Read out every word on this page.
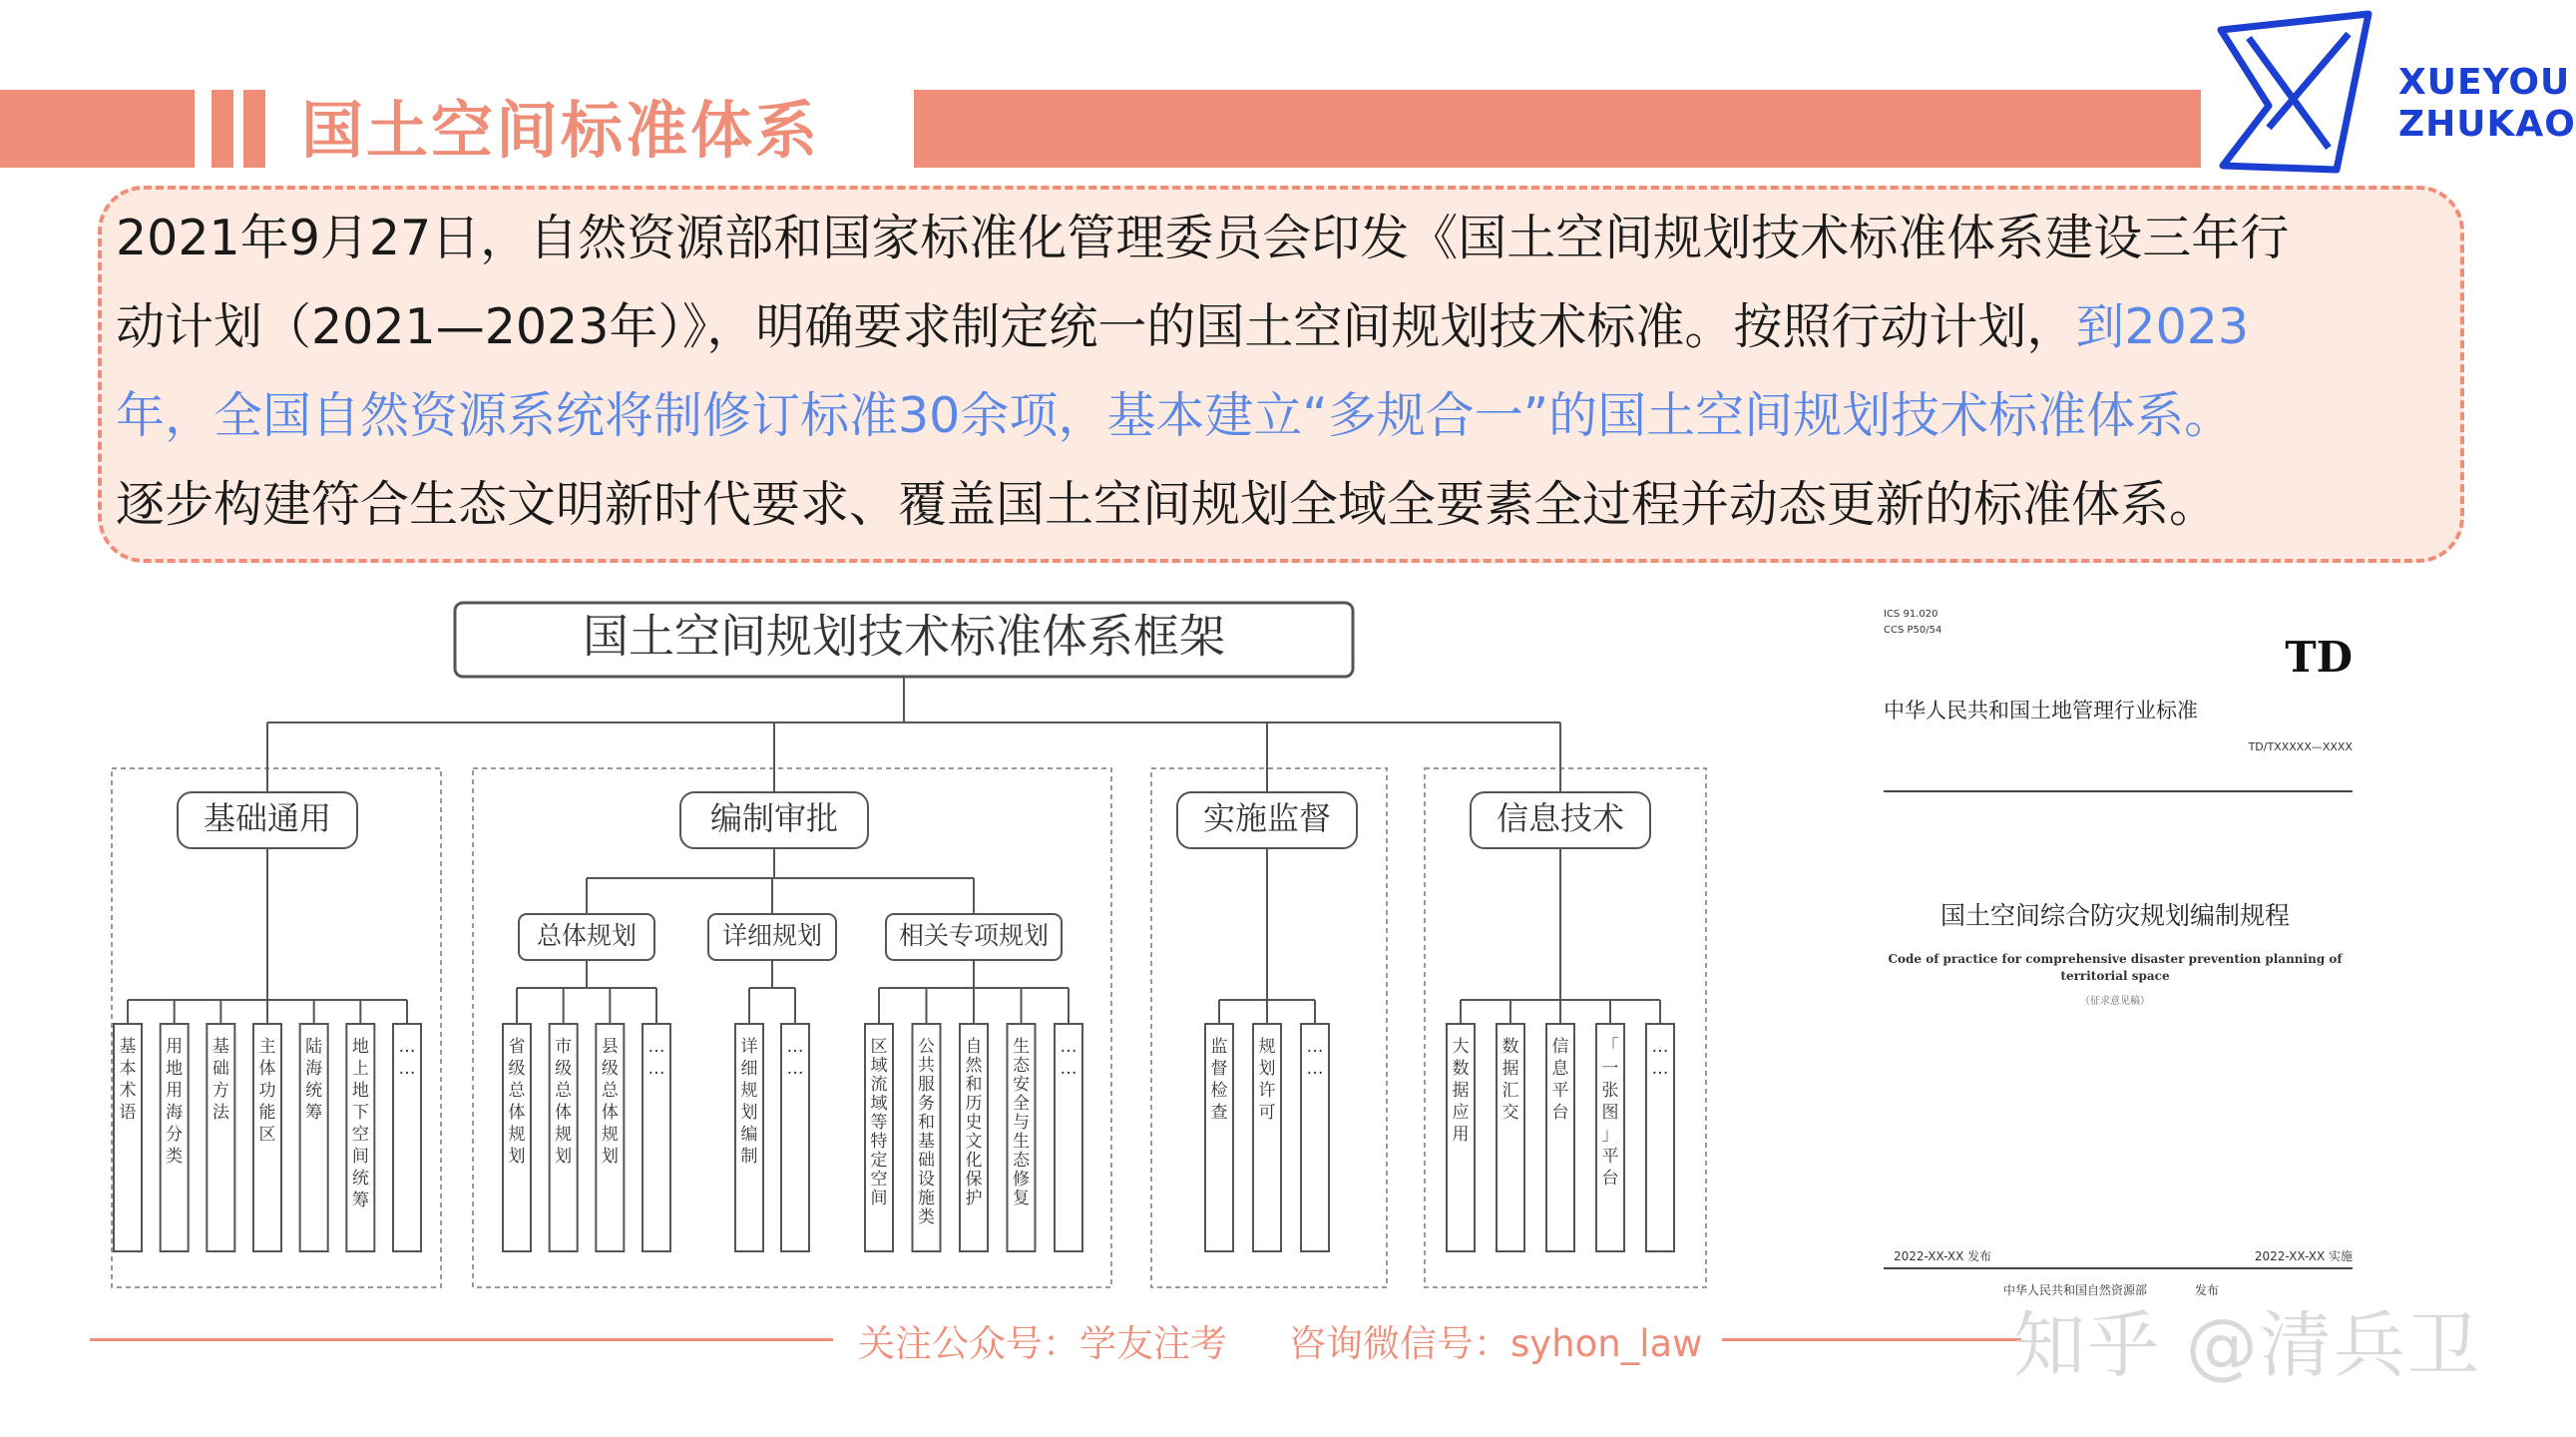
国土空间标准体系
XUEYOU
ZHUKAO
2021年9月27日，自然资源部和国家标准化管理委员会印发《国土空间规划技术标准体系建设三年行
动计划（2021—2023年）》，明确要求制定统一的国土空间规划技术标准。按照行动计划，到2023
年，全国自然资源系统将制修订标准30余项，基本建立“多规合一”的国土空间规划技术标准体系。
逐步构建符合生态文明新时代要求、覆盖国土空间规划全域全要素全过程并动态更新的标准体系。
国土空间规划技术标准体系框架
基础通用
基
本
术
语
用
地
用
海
分
类
基
础
方
法
主
体
功
能
区
陆
海
统
筹
地
上
地
下
空
间
统
筹
…
…
编制审批
总体规划
省
级
总
体
规
划
市
级
总
体
规
划
县
级
总
体
规
划
…
…
详细规划
详
细
规
划
编
制
…
…
相关专项规划
区
域
流
域
等
特
定
空
间
公
共
服
务
和
基
础
设
施
类
自
然
和
历
史
文
化
保
护
生
态
安
全
与
生
态
修
复
…
…
实施监督
监
督
检
查
规
划
许
可
…
…
信息技术
大
数
据
应
用
数
据
汇
交
信
息
平
台
「
一
张
图
」
平
台
…
…
ICS 91.020
CCS P50/54
TD
中华人民共和国土地管理行业标准
TD/TXXXXX—XXXX
国土空间综合防灾规划编制规程
Code of practice for comprehensive disaster prevention planning of
territorial space
（征求意见稿）
2022-XX-XX 发布	2022-XX-XX 实施
中华人民共和国自然资源部	发布
关注公众号：学友注考 咨询微信号：syhon_law	知乎 @清兵卫
